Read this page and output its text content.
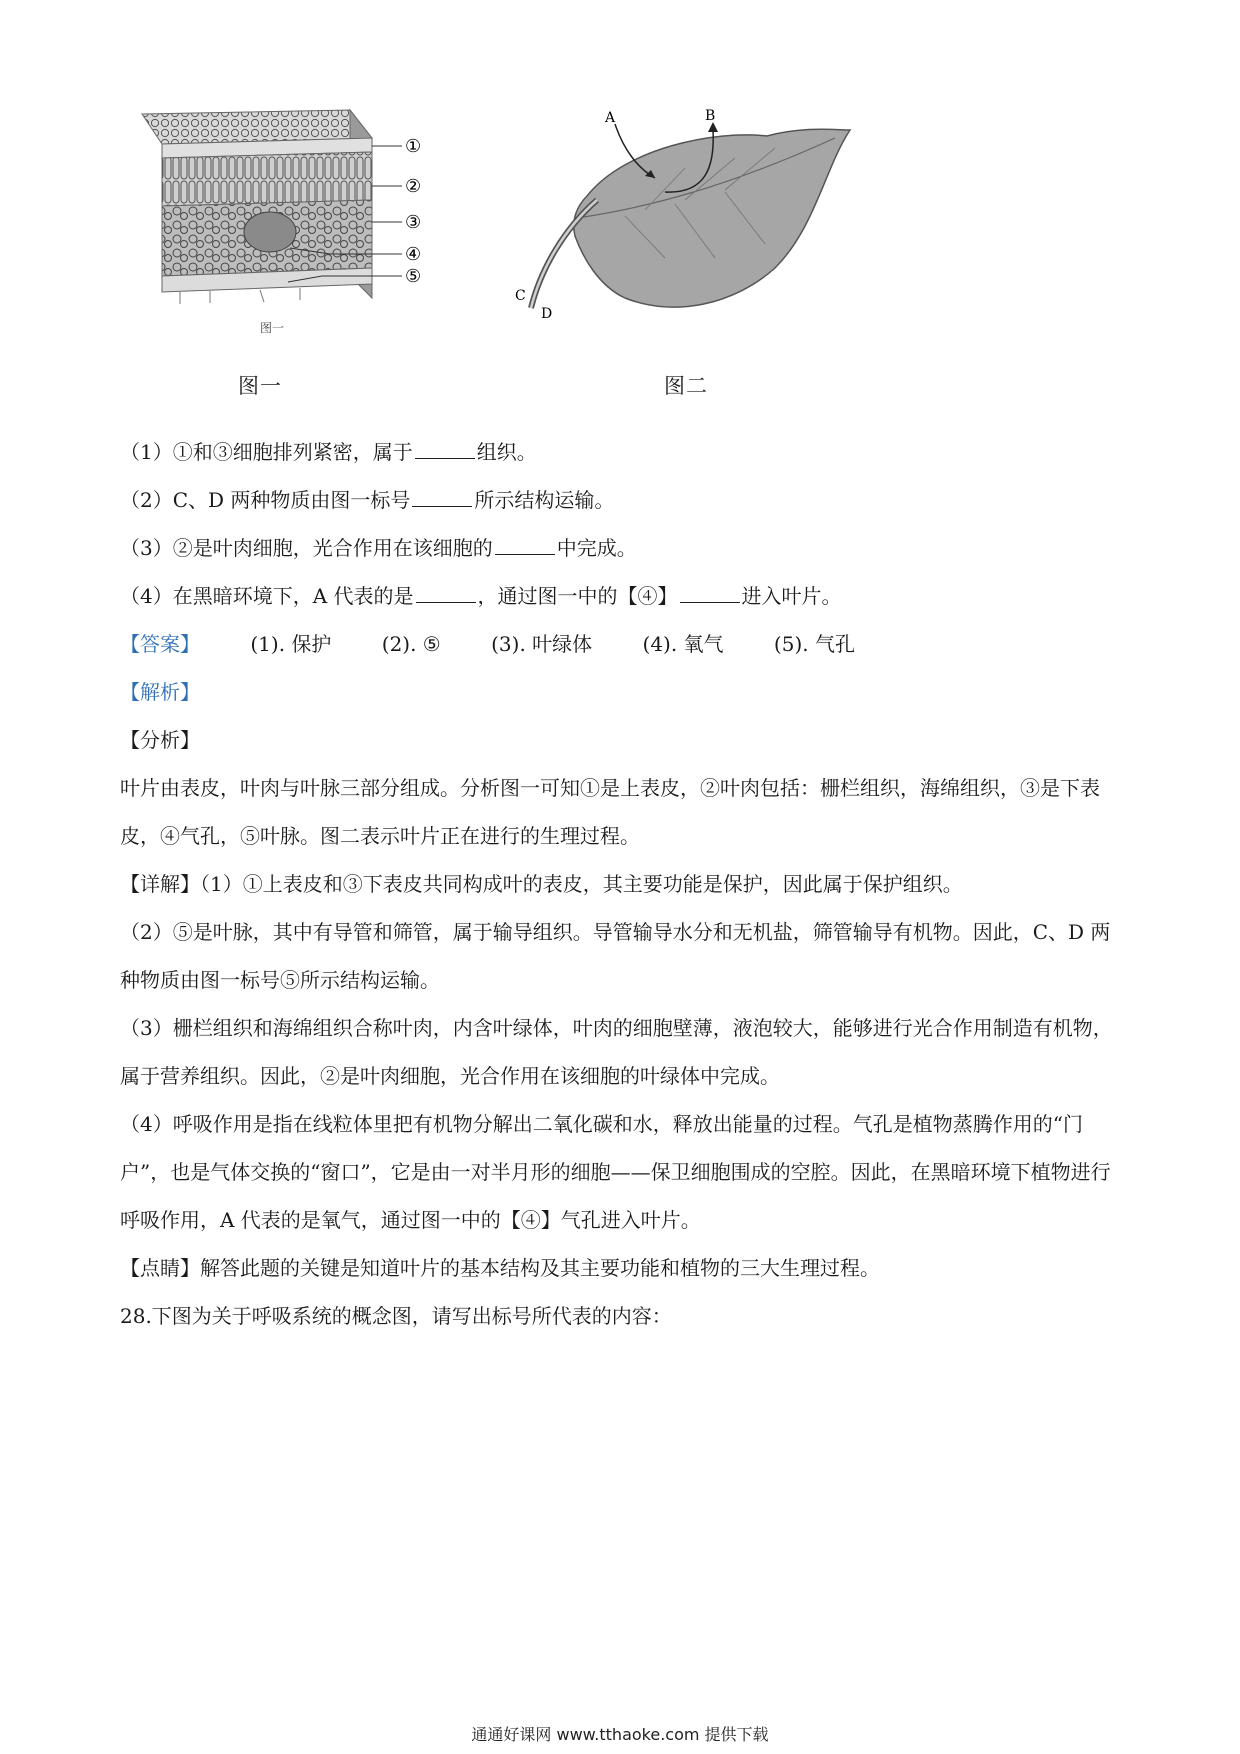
①
②
③
④
⑤
图一
A	B
C
D
图一	图二
（1）①和③细胞排列紧密，属于	组织。
（2）C、D 两种物质由图一标号	所示结构运输。
（3）②是叶肉细胞，光合作用在该细胞的	中完成。
（4）在黑暗环境下，A 代表的是	，通过图一中的【④】	进入叶片。
【答案】	(1). 保护	(2). ⑤	(3). 叶绿体	(4). 氧气	(5). 气孔
【解析】
【分析】

叶片由表皮，叶肉与叶脉三部分组成。分析图一可知①是上表皮，②叶肉包括：栅栏组织，海绵组织，③是下表皮，④气孔，⑤叶脉。图二表示叶片正在进行的生理过程。

【详解】（1）①上表皮和③下表皮共同构成叶的表皮，其主要功能是保护，因此属于保护组织。

（2）⑤是叶脉，其中有导管和筛管，属于输导组织。导管输导水分和无机盐，筛管输导有机物。因此，C、D 两种物质由图一标号⑤所示结构运输。

（3）栅栏组织和海绵组织合称叶肉，内含叶绿体，叶肉的细胞壁薄，液泡较大，能够进行光合作用制造有机物，属于营养组织。因此，②是叶肉细胞，光合作用在该细胞的叶绿体中完成。

（4）呼吸作用是指在线粒体里把有机物分解出二氧化碳和水，释放出能量的过程。气孔是植物蒸腾作用的“门户”，也是气体交换的“窗口”，它是由一对半月形的细胞——保卫细胞围成的空腔。因此，在黑暗环境下植物进行呼吸作用，A 代表的是氧气，通过图一中的【④】气孔进入叶片。

【点睛】解答此题的关键是知道叶片的基本结构及其主要功能和植物的三大生理过程。

28.下图为关于呼吸系统的概念图，请写出标号所代表的内容：

通通好课网 www.tthaoke.com 提供下载
